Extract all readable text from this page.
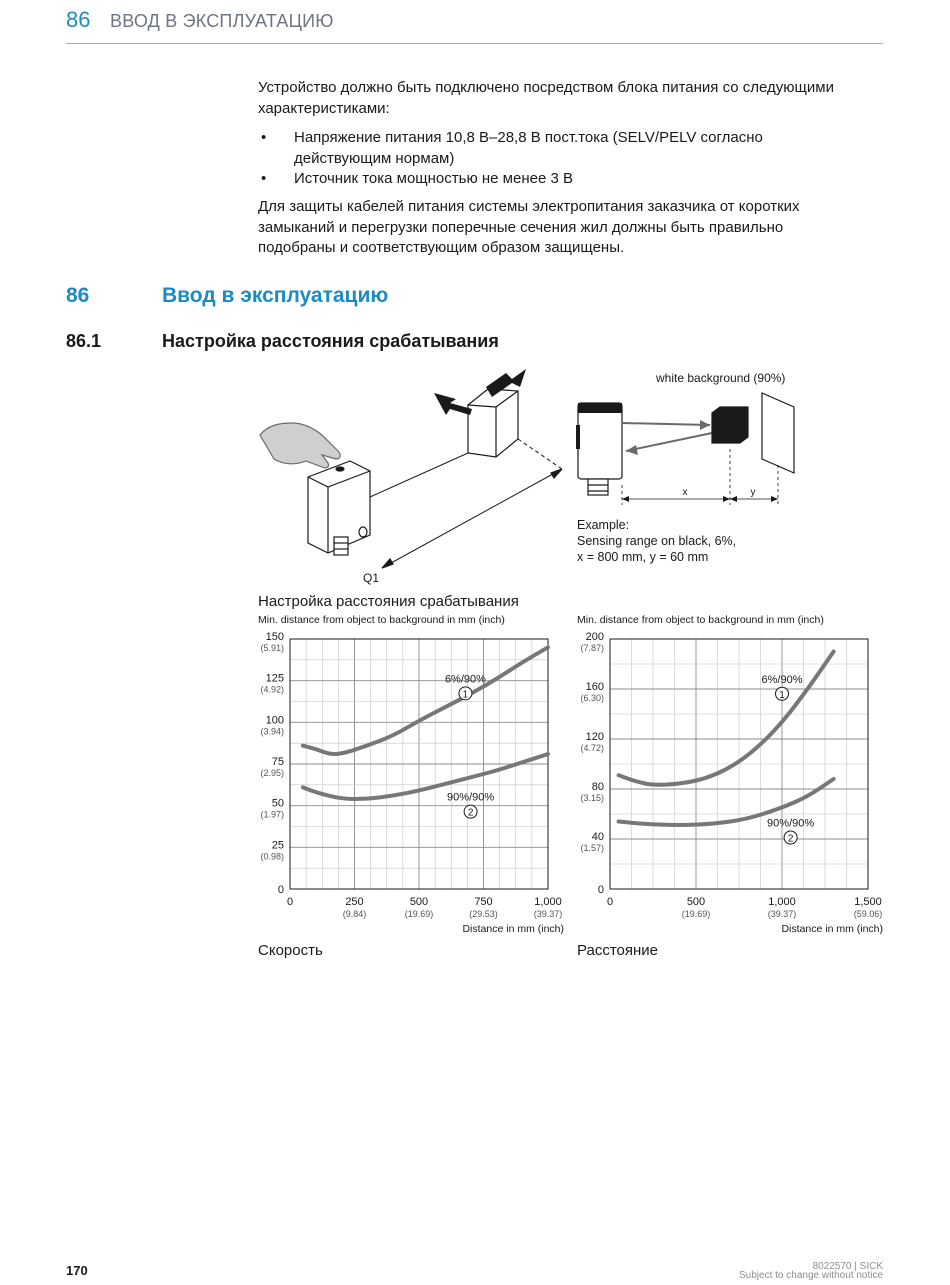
86 ВВОД В ЭКСПЛУАТАЦИЮ
Устройство должно быть подключено посредством блока питания со следующими характеристиками:
• Напряжение питания 10,8 В–28,8 В пост.тока (SELV/PELV согласно действующим нормам)
• Источник тока мощностью не менее 3 В
Для защиты кабелей питания системы электропитания заказчика от коротких замыканий и перегрузки поперечные сечения жил должны быть правильно подобраны и соответствующим образом защищены.
86	Ввод в эксплуатацию
86.1	Настройка расстояния срабатывания
Q1
x	y
white background (90%)
Example:
Sensing range on black, 6%,
x = 800 mm, y = 60 mm
Настройка расстояния срабатывания
Min. distance from object to background in mm (inch)
150
(5.91)
125
(4.92)
100
(3.94)
75
(2.95)
50
(1.97)
25
(0.98)
0
0	250
(9.84)
500
(19.69)
750
(29.53)
1,000
(39.37)
6%/90%
1
90%/90%
2
Distance in mm (inch)
Скорость
Min. distance from object to background in mm (inch)
200
(7.87)
160
(6.30)
120
(4.72)
80
(3.15)
40
(1.57)
0
0	500
(19.69)
1,000
(39.37)
1,500
(59.06)
6%/90%
1
90%/90%
2
Distance in mm (inch)
Расстояние
170	8022570 | SICK
Subject to change without notice
